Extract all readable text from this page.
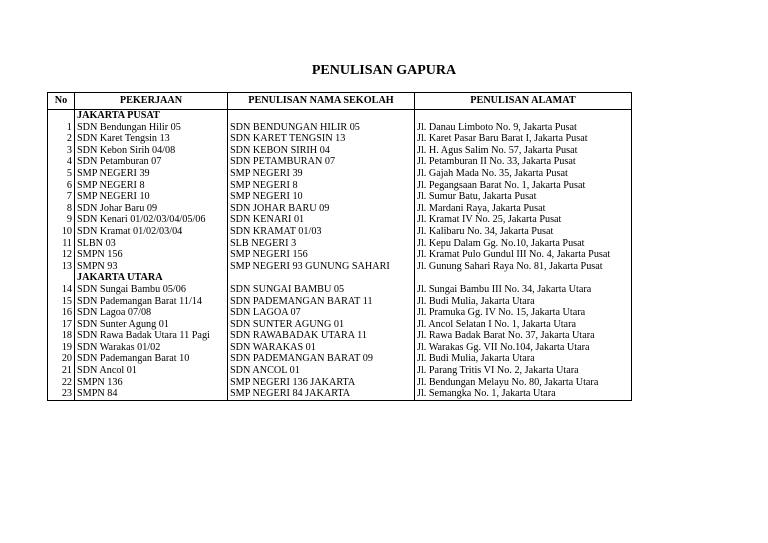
PENULISAN GAPURA
No	PEKERJAAN	PENULISAN NAMA SEKOLAH	PENULISAN ALAMAT
	JAKARTA PUSAT		
1	SDN Bendungan Hilir 05	SDN BENDUNGAN HILIR 05	Jl. Danau Limboto No. 9, Jakarta Pusat
2	SDN Karet Tengsin 13	SDN KARET TENGSIN 13	Jl. Karet Pasar Baru Barat I, Jakarta Pusat
3	SDN Kebon Sirih 04/08	SDN KEBON SIRIH 04	Jl. H. Agus Salim No. 57, Jakarta Pusat
4	SDN Petamburan 07	SDN PETAMBURAN 07	Jl. Petamburan II No. 33, Jakarta Pusat
5	SMP NEGERI 39	SMP NEGERI 39	Jl. Gajah Mada No. 35, Jakarta Pusat
6	SMP NEGERI 8	SMP NEGERI 8	Jl. Pegangsaan Barat No. 1, Jakarta Pusat
7	SMP NEGERI 10	SMP NEGERI 10	Jl. Sumur Batu, Jakarta Pusat
8	SDN Johar Baru 09	SDN JOHAR BARU 09	Jl. Mardani Raya, Jakarta Pusat
9	SDN Kenari 01/02/03/04/05/06	SDN KENARI 01	Jl. Kramat IV No. 25, Jakarta Pusat
10	SDN Kramat 01/02/03/04	SDN KRAMAT 01/03	Jl. Kalibaru No. 34, Jakarta Pusat
11	SLBN 03	SLB NEGERI 3	Jl. Kepu Dalam Gg. No.10, Jakarta Pusat
12	SMPN 156	SMP NEGERI 156	Jl. Kramat Pulo Gundul III No. 4, Jakarta Pusat
13	SMPN 93	SMP NEGERI 93 GUNUNG SAHARI	Jl. Gunung Sahari Raya No. 81, Jakarta Pusat
	JAKARTA UTARA		
14	SDN Sungai Bambu 05/06	SDN SUNGAI BAMBU 05	Jl. Sungai Bambu III No. 34, Jakarta Utara
15	SDN Pademangan Barat 11/14	SDN PADEMANGAN BARAT 11	Jl. Budi Mulia, Jakarta Utara
16	SDN Lagoa 07/08	SDN LAGOA 07	Jl. Pramuka Gg. IV No. 15, Jakarta Utara
17	SDN Sunter Agung 01	SDN SUNTER AGUNG 01	Jl. Ancol Selatan I No. 1, Jakarta Utara
18	SDN Rawa Badak Utara 11 Pagi	SDN RAWABADAK UTARA 11	Jl. Rawa Badak Barat No. 37, Jakarta Utara
19	SDN Warakas 01/02	SDN WARAKAS 01	Jl. Warakas Gg. VII No.104, Jakarta Utara
20	SDN Pademangan Barat 10	SDN PADEMANGAN BARAT 09	Jl. Budi Mulia, Jakarta Utara
21	SDN Ancol 01	SDN ANCOL 01	Jl. Parang Tritis VI No. 2, Jakarta Utara
22	SMPN 136	SMP NEGERI 136 JAKARTA	Jl. Bendungan Melayu No. 80, Jakarta Utara
23	SMPN 84	SMP NEGERI 84 JAKARTA	Jl. Semangka No. 1, Jakarta Utara
